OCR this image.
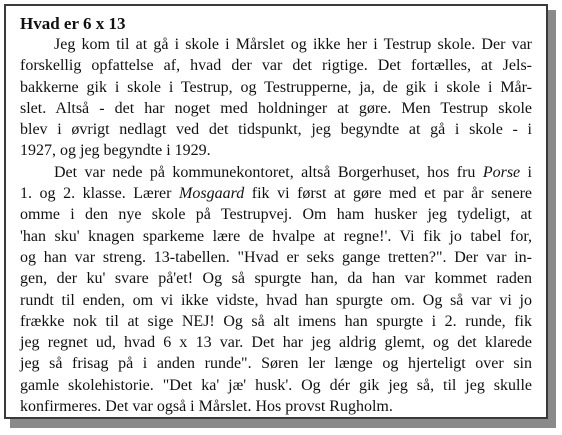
Hvad er 6 x 13

Jeg kom til at gå i skole i Mårslet og ikke her i Testrup skole. Der var
forskellig opfattelse af, hvad der var det rigtige. Det fortælles, at Jels-
bakkerne gik i skole i Testrup, og Testrupperne, ja, de gik i skole i Mår-
slet. Altså - det har noget med holdninger at gøre. Men Testrup skole
blev i øvrigt nedlagt ved det tidspunkt, jeg begyndte at gå i skole - i
1927, og jeg begyndte i 1929.

Det var nede på kommunekontoret, altså Borgerhuset, hos fru Porse i
1. og 2. klasse. Lærer Mosgaard fik vi først at gøre med et par år senere
omme i den nye skole på Testrupvej. Om ham husker jeg tydeligt, at
'han sku' knagen sparkeme lære de hvalpe at regne!'. Vi fik jo tabel for,
og han var streng. 13-tabellen. "Hvad er seks gange tretten?". Der var in-
gen, der ku' svare på'et! Og så spurgte han, da han var kommet raden
rundt til enden, om vi ikke vidste, hvad han spurgte om. Og så var vi jo
frække nok til at sige NEJ! Og så alt imens han spurgte i 2. runde, fik
jeg regnet ud, hvad 6 x 13 var. Det har jeg aldrig glemt, og det klarede
jeg så frisag på i anden runde". Søren ler længe og hjerteligt over sin
gamle skolehistorie. "Det ka' jæ' husk'. Og dér gik jeg så, til jeg skulle
konfirmeres. Det var også i Mårslet. Hos provst Rugholm.
